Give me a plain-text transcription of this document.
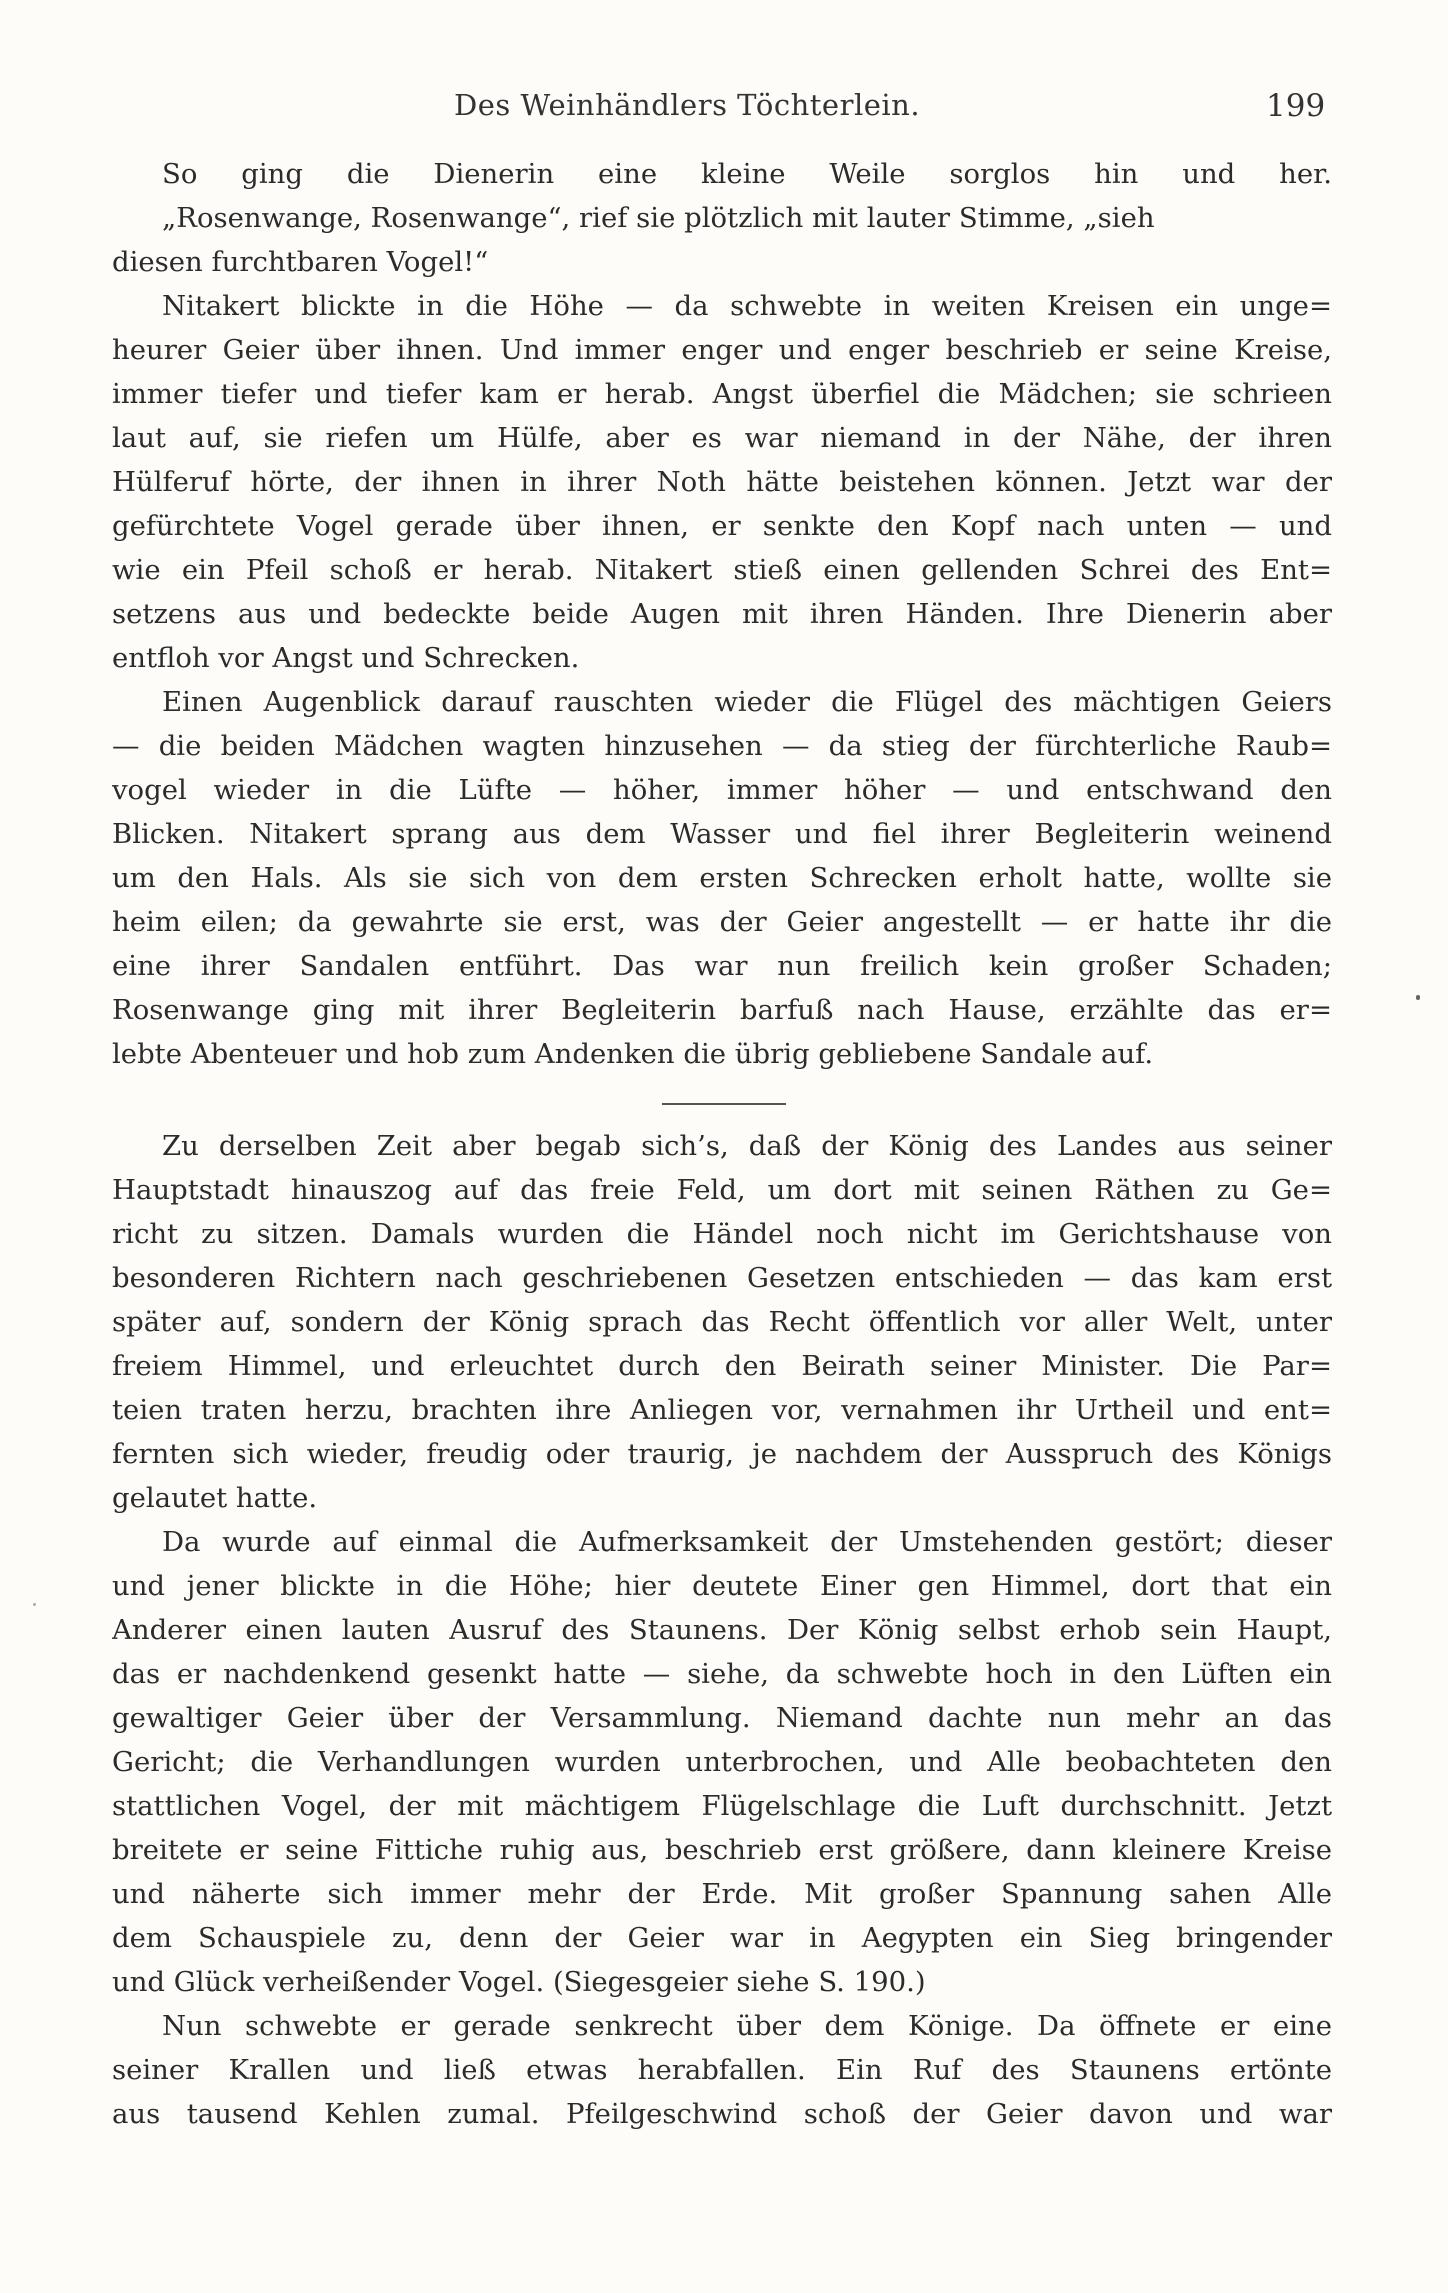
Des Weinhändlers Töchterlein.	199
So ging die Dienerin eine kleine Weile sorglos hin und her.
„Rosenwange, Rosenwange“, rief sie plötzlich mit lauter Stimme, „sieh
diesen furchtbaren Vogel!“
Nitakert blickte in die Höhe — da schwebte in weiten Kreisen ein unge=
heurer Geier über ihnen. Und immer enger und enger beschrieb er seine Kreise,
immer tiefer und tiefer kam er herab. Angst überfiel die Mädchen; sie schrieen
laut auf, sie riefen um Hülfe, aber es war niemand in der Nähe, der ihren
Hülferuf hörte, der ihnen in ihrer Noth hätte beistehen können. Jetzt war der
gefürchtete Vogel gerade über ihnen, er senkte den Kopf nach unten — und
wie ein Pfeil schoß er herab. Nitakert stieß einen gellenden Schrei des Ent=
setzens aus und bedeckte beide Augen mit ihren Händen. Ihre Dienerin aber
entfloh vor Angst und Schrecken.
Einen Augenblick darauf rauschten wieder die Flügel des mächtigen Geiers
— die beiden Mädchen wagten hinzusehen — da stieg der fürchterliche Raub=
vogel wieder in die Lüfte — höher, immer höher — und entschwand den
Blicken. Nitakert sprang aus dem Wasser und fiel ihrer Begleiterin weinend
um den Hals. Als sie sich von dem ersten Schrecken erholt hatte, wollte sie
heim eilen; da gewahrte sie erst, was der Geier angestellt — er hatte ihr die
eine ihrer Sandalen entführt. Das war nun freilich kein großer Schaden;
Rosenwange ging mit ihrer Begleiterin barfuß nach Hause, erzählte das er=
lebte Abenteuer und hob zum Andenken die übrig gebliebene Sandale auf.
Zu derselben Zeit aber begab sich’s, daß der König des Landes aus seiner
Hauptstadt hinauszog auf das freie Feld, um dort mit seinen Räthen zu Ge=
richt zu sitzen. Damals wurden die Händel noch nicht im Gerichtshause von
besonderen Richtern nach geschriebenen Gesetzen entschieden — das kam erst
später auf, sondern der König sprach das Recht öffentlich vor aller Welt, unter
freiem Himmel, und erleuchtet durch den Beirath seiner Minister. Die Par=
teien traten herzu, brachten ihre Anliegen vor, vernahmen ihr Urtheil und ent=
fernten sich wieder, freudig oder traurig, je nachdem der Ausspruch des Königs
gelautet hatte.
Da wurde auf einmal die Aufmerksamkeit der Umstehenden gestört; dieser
und jener blickte in die Höhe; hier deutete Einer gen Himmel, dort that ein
Anderer einen lauten Ausruf des Staunens. Der König selbst erhob sein Haupt,
das er nachdenkend gesenkt hatte — siehe, da schwebte hoch in den Lüften ein
gewaltiger Geier über der Versammlung. Niemand dachte nun mehr an das
Gericht; die Verhandlungen wurden unterbrochen, und Alle beobachteten den
stattlichen Vogel, der mit mächtigem Flügelschlage die Luft durchschnitt. Jetzt
breitete er seine Fittiche ruhig aus, beschrieb erst größere, dann kleinere Kreise
und näherte sich immer mehr der Erde. Mit großer Spannung sahen Alle
dem Schauspiele zu, denn der Geier war in Aegypten ein Sieg bringender
und Glück verheißender Vogel. (Siegesgeier siehe S. 190.)
Nun schwebte er gerade senkrecht über dem Könige. Da öffnete er eine
seiner Krallen und ließ etwas herabfallen. Ein Ruf des Staunens ertönte
aus tausend Kehlen zumal. Pfeilgeschwind schoß der Geier davon und war
